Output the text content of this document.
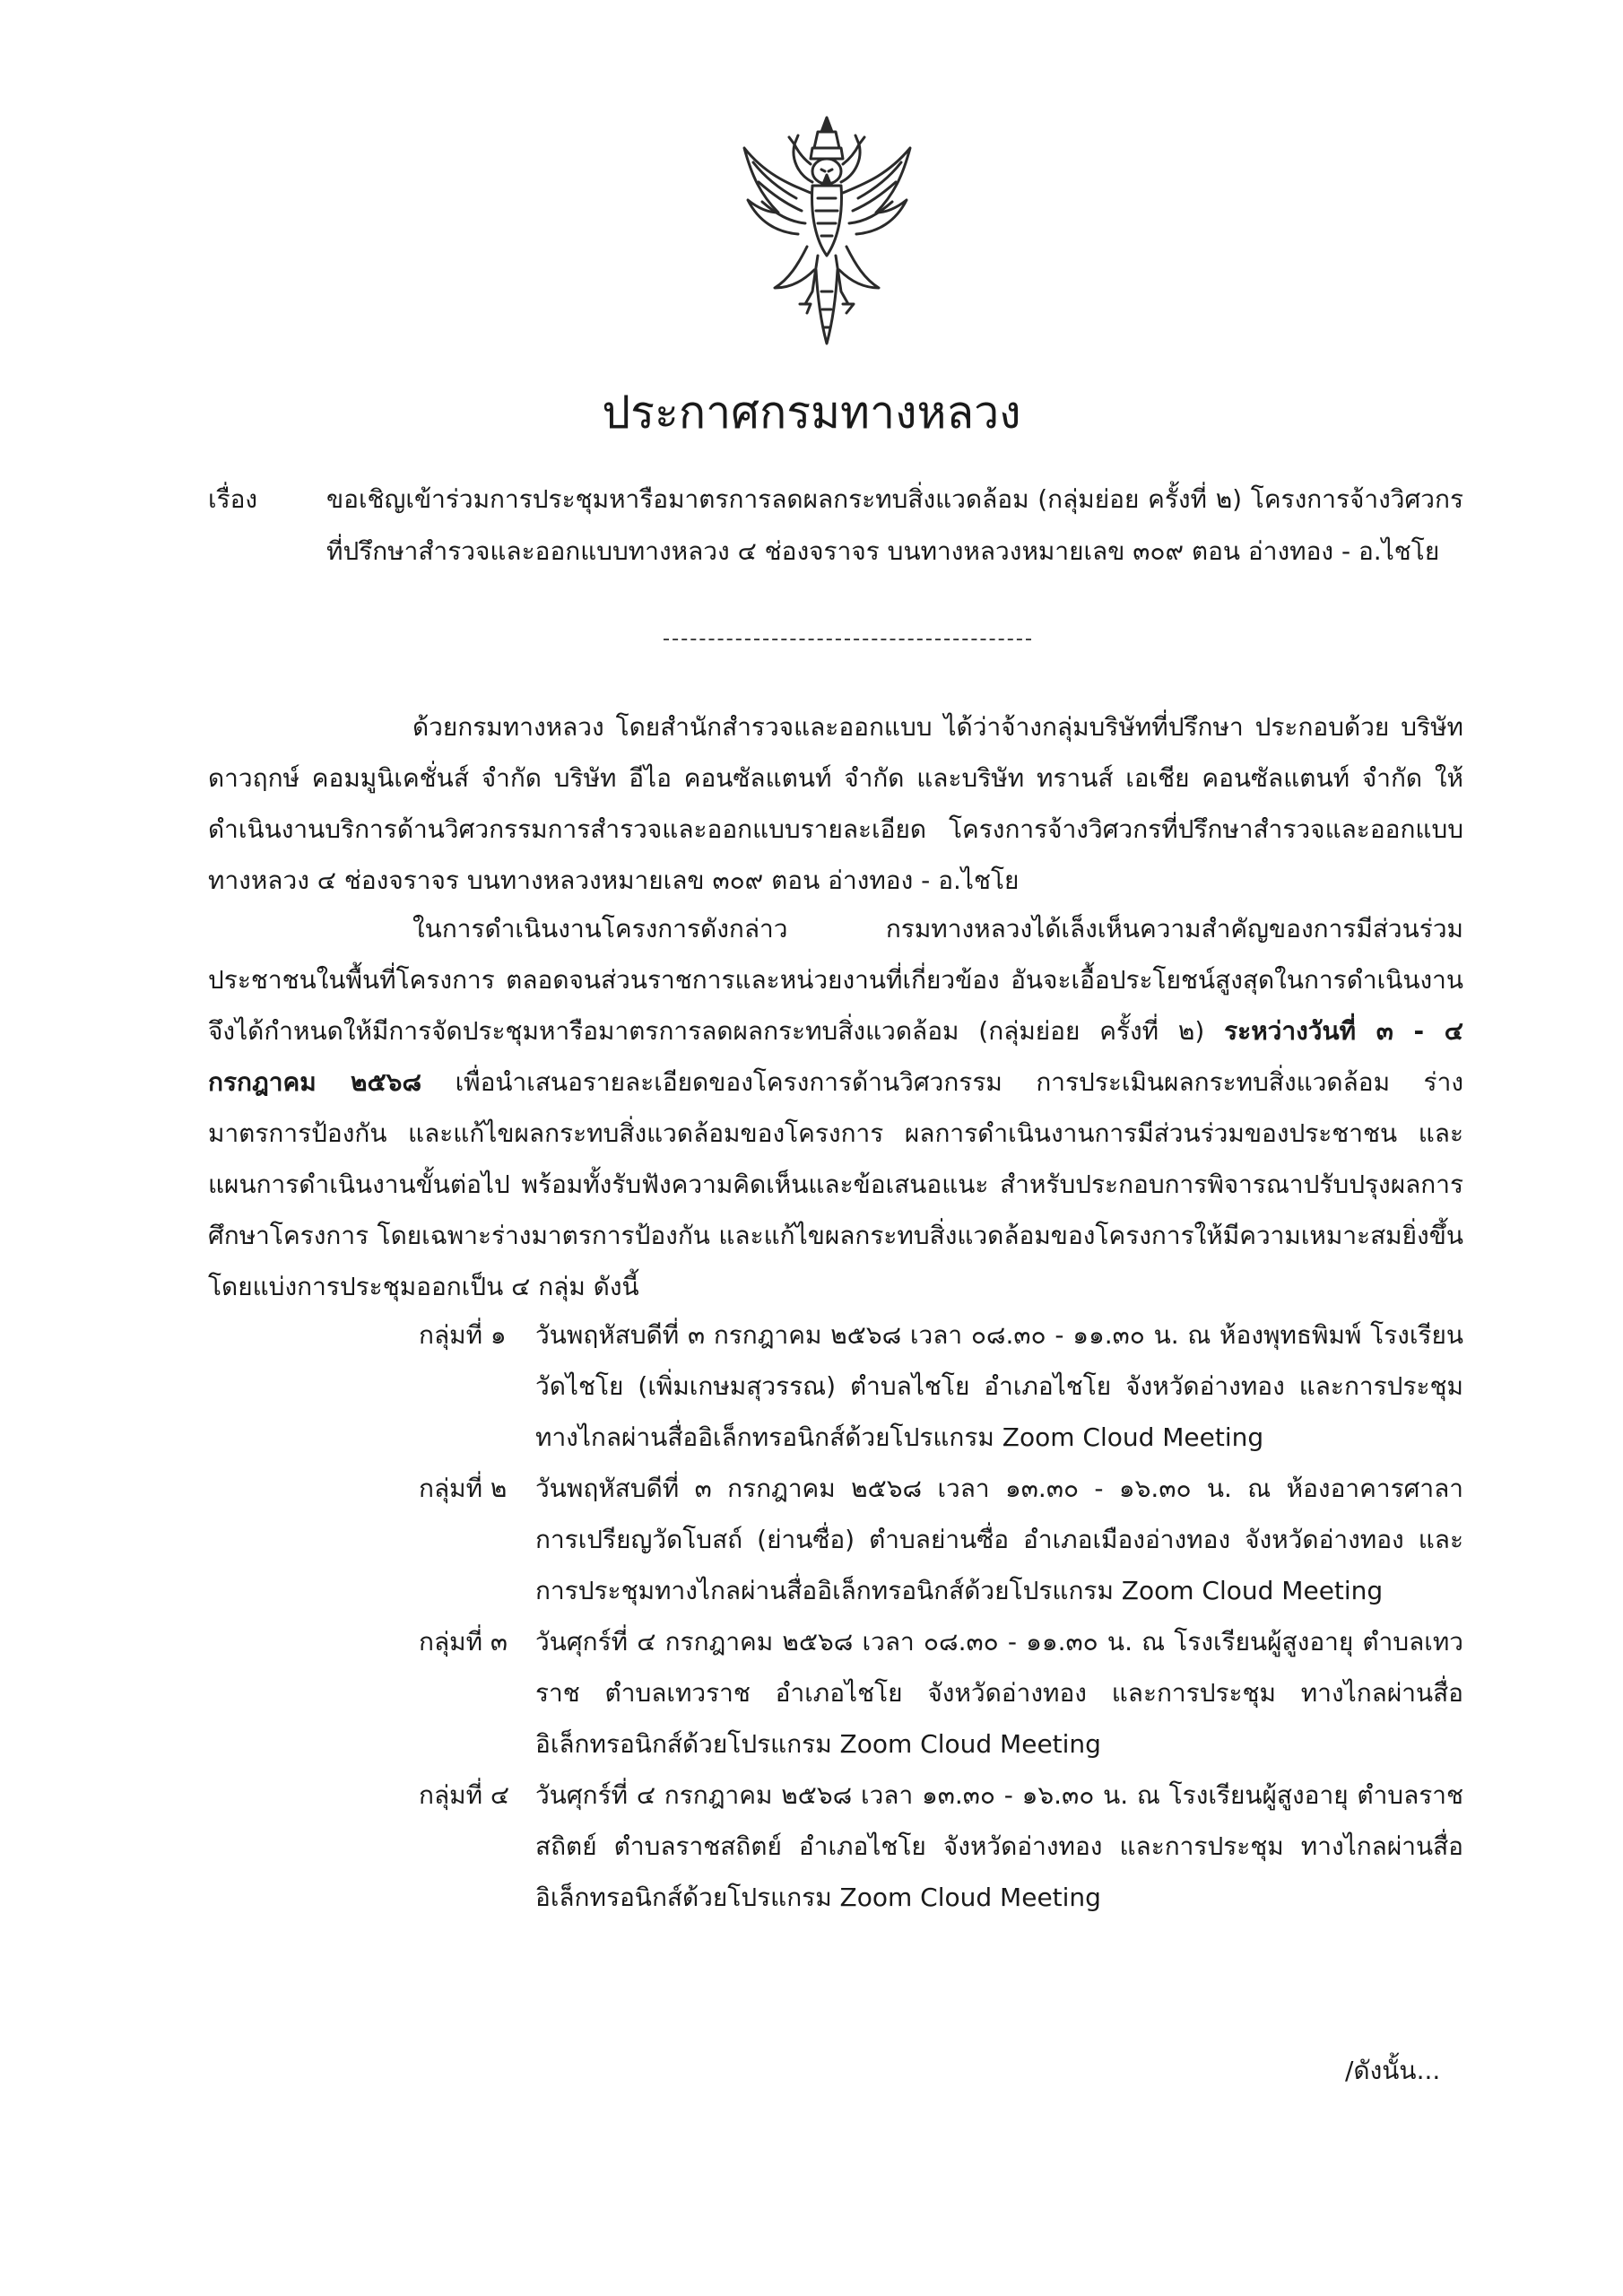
ประกาศกรมทางหลวง
เรื่อง	ขอเชิญเข้าร่วมการประชุมหารือมาตรการลดผลกระทบสิ่งแวดล้อม (กลุ่มย่อย ครั้งที่ ๒) โครงการจ้างวิศวกรที่ปรึกษาสำรวจและออกแบบทางหลวง ๔ ช่องจราจร บนทางหลวงหมายเลข ๓๐๙ ตอน อ่างทอง - อ.ไชโย

ด้วยกรมทางหลวง โดยสำนักสำรวจและออกแบบ ได้ว่าจ้างกลุ่มบริษัทที่ปรึกษา ประกอบด้วย บริษัท ดาวฤกษ์ คอมมูนิเคชั่นส์ จำกัด บริษัท อีไอ คอนซัลแตนท์ จำกัด และบริษัท ทรานส์ เอเชีย คอนซัลแตนท์ จำกัด ให้ดำเนินงานบริการด้านวิศวกรรมการสำรวจและออกแบบรายละเอียด โครงการจ้างวิศวกรที่ปรึกษาสำรวจและออกแบบทางหลวง ๔ ช่องจราจร บนทางหลวงหมายเลข ๓๐๙ ตอน อ่างทอง - อ.ไชโย

ในการดำเนินงานโครงการดังกล่าว กรมทางหลวงได้เล็งเห็นความสำคัญของการมีส่วนร่วมประชาชนในพื้นที่โครงการ ตลอดจนส่วนราชการและหน่วยงานที่เกี่ยวข้อง อันจะเอื้อประโยชน์สูงสุดในการดำเนินงาน จึงได้กำหนดให้มีการจัดประชุมหารือมาตรการลดผลกระทบสิ่งแวดล้อม (กลุ่มย่อย ครั้งที่ ๒) ระหว่างวันที่ ๓ - ๔ กรกฎาคม ๒๕๖๘ เพื่อนำเสนอรายละเอียดของโครงการด้านวิศวกรรม การประเมินผลกระทบสิ่งแวดล้อม ร่างมาตรการป้องกัน และแก้ไขผลกระทบสิ่งแวดล้อมของโครงการ ผลการดำเนินงานการมีส่วนร่วมของประชาชน และแผนการดำเนินงานขั้นต่อไป พร้อมทั้งรับฟังความคิดเห็นและข้อเสนอแนะ สำหรับประกอบการพิจารณาปรับปรุงผลการศึกษาโครงการ โดยเฉพาะร่างมาตรการป้องกัน และแก้ไขผลกระทบสิ่งแวดล้อมของโครงการให้มีความเหมาะสมยิ่งขึ้น โดยแบ่งการประชุมออกเป็น ๔ กลุ่ม ดังนี้

กลุ่มที่ ๑ วันพฤหัสบดีที่ ๓ กรกฎาคม ๒๕๖๘ เวลา ๐๘.๓๐ - ๑๑.๓๐ น. ณ ห้องพุทธพิมพ์ โรงเรียนวัดไชโย (เพิ่มเกษมสุวรรณ) ตำบลไชโย อำเภอไชโย จังหวัดอ่างทอง และการประชุม ทางไกลผ่านสื่ออิเล็กทรอนิกส์ด้วยโปรแกรม Zoom Cloud Meeting
กลุ่มที่ ๒ วันพฤหัสบดีที่ ๓ กรกฎาคม ๒๕๖๘ เวลา ๑๓.๓๐ - ๑๖.๓๐ น. ณ ห้องอาคารศาลาการเปรียญวัดโบสถ์ (ย่านซื่อ) ตำบลย่านซื่อ อำเภอเมืองอ่างทอง จังหวัดอ่างทอง และการประชุมทางไกลผ่านสื่ออิเล็กทรอนิกส์ด้วยโปรแกรม Zoom Cloud Meeting
กลุ่มที่ ๓ วันศุกร์ที่ ๔ กรกฎาคม ๒๕๖๘ เวลา ๐๘.๓๐ - ๑๑.๓๐ น. ณ โรงเรียนผู้สูงอายุ ตำบลเทวราช ตำบลเทวราช อำเภอไชโย จังหวัดอ่างทอง และการประชุม ทางไกลผ่านสื่ออิเล็กทรอนิกส์ด้วยโปรแกรม Zoom Cloud Meeting
กลุ่มที่ ๔ วันศุกร์ที่ ๔ กรกฎาคม ๒๕๖๘ เวลา ๑๓.๓๐ - ๑๖.๓๐ น. ณ โรงเรียนผู้สูงอายุ ตำบลราชสถิตย์ ตำบลราชสถิตย์ อำเภอไชโย จังหวัดอ่างทอง และการประชุม ทางไกลผ่านสื่ออิเล็กทรอนิกส์ด้วยโปรแกรม Zoom Cloud Meeting
/ดังนั้น...
